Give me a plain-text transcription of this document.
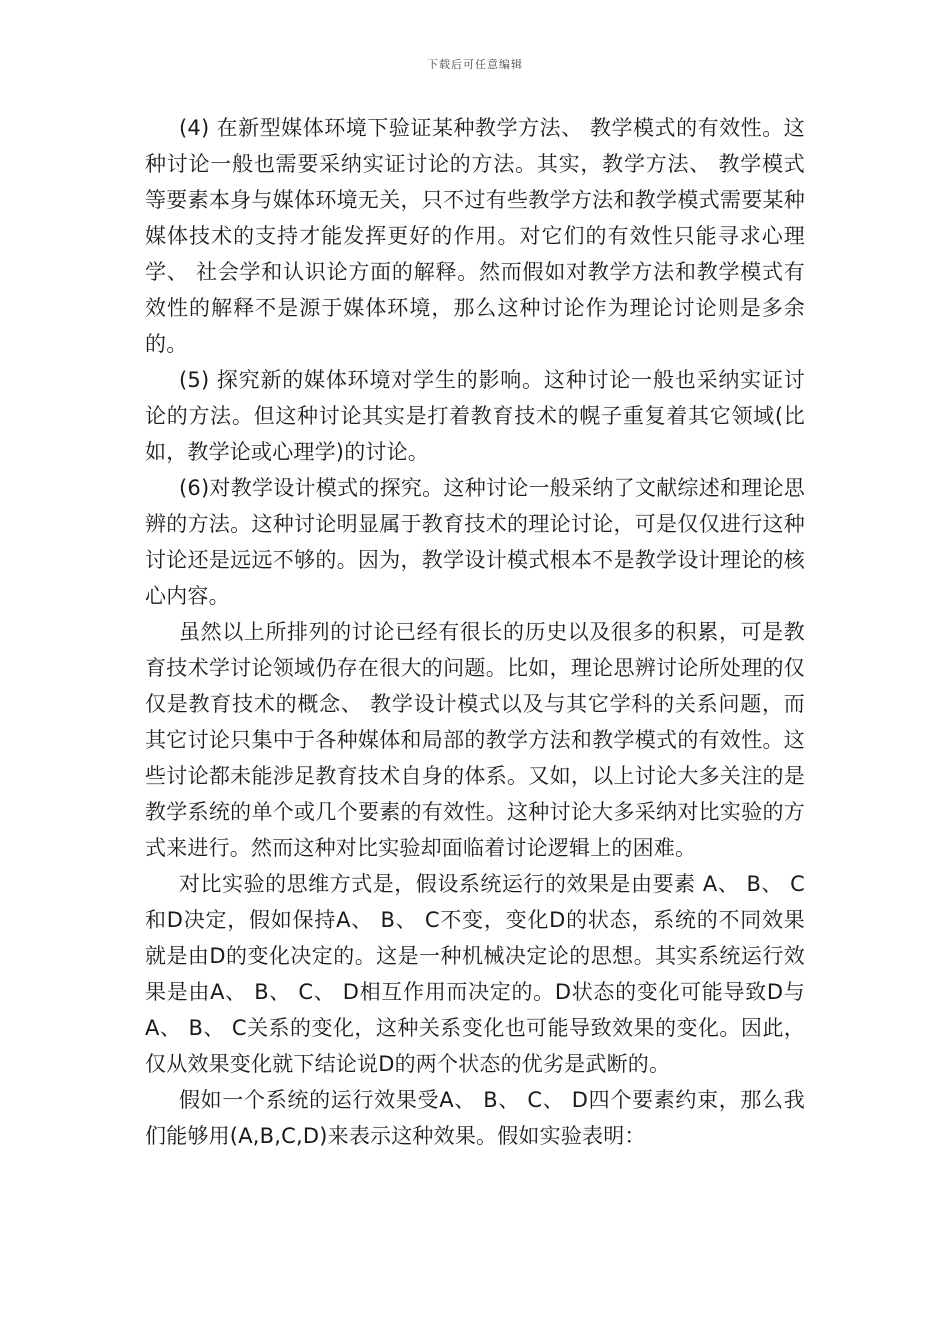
下载后可任意编辑

(4) 在新型媒体环境下验证某种教学方法、 教学模式的有效性。这种讨论一般也需要采纳实证讨论的方法。其实，教学方法、 教学模式等要素本身与媒体环境无关，只不过有些教学方法和教学模式需要某种媒体技术的支持才能发挥更好的作用。对它们的有效性只能寻求心理学、 社会学和认识论方面的解释。然而假如对教学方法和教学模式有效性的解释不是源于媒体环境，那么这种讨论作为理论讨论则是多余的。

(5) 探究新的媒体环境对学生的影响。这种讨论一般也采纳实证讨论的方法。但这种讨论其实是打着教育技术的幌子重复着其它领域(比如，教学论或心理学)的讨论。

(6)对教学设计模式的探究。这种讨论一般采纳了文献综述和理论思辨的方法。这种讨论明显属于教育技术的理论讨论，可是仅仅进行这种讨论还是远远不够的。因为，教学设计模式根本不是教学设计理论的核心内容。

虽然以上所排列的讨论已经有很长的历史以及很多的积累，可是教育技术学讨论领域仍存在很大的问题。比如，理论思辨讨论所处理的仅仅是教育技术的概念、 教学设计模式以及与其它学科的关系问题，而其它讨论只集中于各种媒体和局部的教学方法和教学模式的有效性。这些讨论都未能涉足教育技术自身的体系。又如，以上讨论大多关注的是教学系统的单个或几个要素的有效性。这种讨论大多采纳对比实验的方式来进行。然而这种对比实验却面临着讨论逻辑上的困难。

对比实验的思维方式是，假设系统运行的效果是由要素 A、 B、 C和D决定，假如保持A、 B、 C不变，变化D的状态，系统的不同效果就是由D的变化决定的。这是一种机械决定论的思想。其实系统运行效果是由A、 B、 C、 D相互作用而决定的。D状态的变化可能导致D与A、 B、 C关系的变化，这种关系变化也可能导致效果的变化。因此，仅从效果变化就下结论说D的两个状态的优劣是武断的。

假如一个系统的运行效果受A、 B、 C、 D四个要素约束，那么我们能够用(A,B,C,D)来表示这种效果。假如实验表明：
